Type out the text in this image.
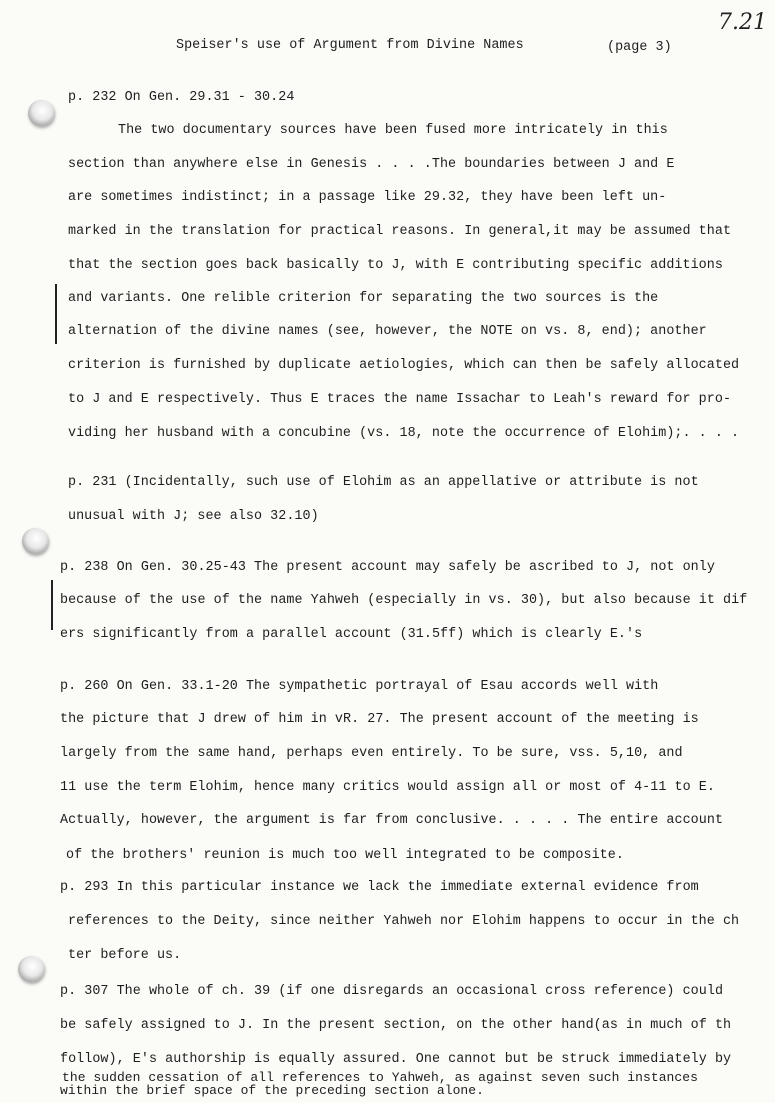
Speiser's use of Argument from Divine Names	(page 3)
7.21
p. 232 On Gen. 29.31 - 30.24
The two documentary sources have been fused more intricately in this
section than anywhere else in Genesis . . . .The boundaries between J and E
are sometimes indistinct; in a passage like 29.32, they have been left un-
marked in the translation for practical reasons. In general,it may be assumed that
that the section goes back basically to J, with E contributing specific additions
and variants. One relible criterion for separating the two sources is the
alternation of the divine names (see, however, the NOTE on vs. 8, end); another
criterion is furnished by duplicate aetiologies, which can then be safely allocated
to J and E respectively. Thus E traces the name Issachar to Leah's reward for pro-
viding her husband with a concubine (vs. 18, note the occurrence of Elohim);. . . .
p. 231 (Incidentally, such use of Elohim as an appellative or attribute is not
unusual with J; see also 32.10)
p. 238 On Gen. 30.25-43 The present account may safely be ascribed to J, not only
because of the use of the name Yahweh (especially in vs. 30), but also because it dif
ers significantly from a parallel account (31.5ff) which is clearly E.'s
p. 260 On Gen. 33.1-20 The sympathetic portrayal of Esau accords well with
the picture that J drew of him in vR. 27. The present account of the meeting is
largely from the same hand, perhaps even entirely. To be sure, vss. 5,10, and
11 use the term Elohim, hence many critics would assign all or most of 4-11 to E.
Actually, however, the argument is far from conclusive. . . . . The entire account
of the brothers' reunion is much too well integrated to be composite.
p. 293 In this particular instance we lack the immediate external evidence from
references to the Deity, since neither Yahweh nor Elohim happens to occur in the ch
ter before us.
p. 307 The whole of ch. 39 (if one disregards an occasional cross reference) could
be safely assigned to J. In the present section, on the other hand(as in much of th
follow), E's authorship is equally assured. One cannot but be struck immediately by
the sudden cessation of all references to Yahweh, as against seven such instances
within the brief space of the preceding section alone.
